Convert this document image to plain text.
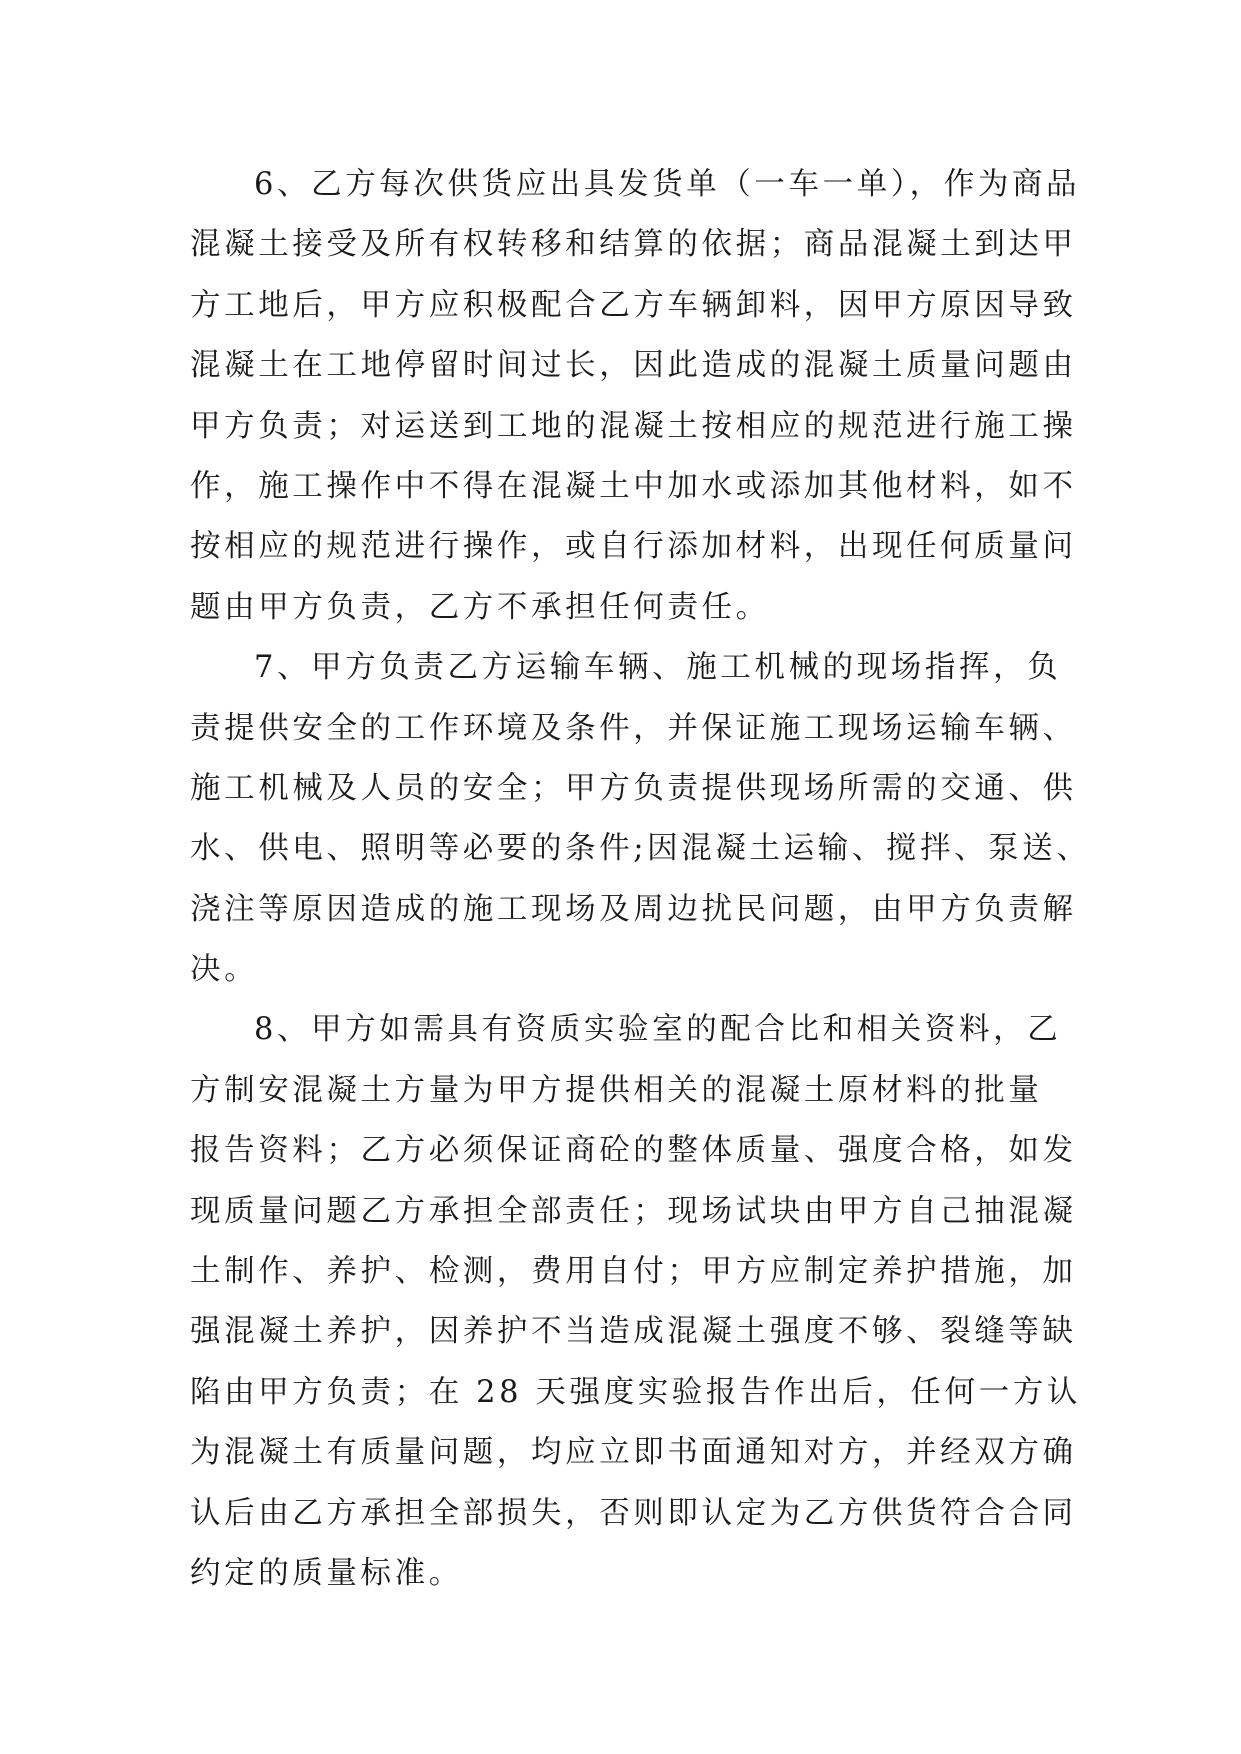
6、乙方每次供货应出具发货单（一车一单），作为商品
混凝土接受及所有权转移和结算的依据；商品混凝土到达甲
方工地后，甲方应积极配合乙方车辆卸料，因甲方原因导致
混凝土在工地停留时间过长，因此造成的混凝土质量问题由
甲方负责；对运送到工地的混凝土按相应的规范进行施工操
作，施工操作中不得在混凝土中加水或添加其他材料，如不
按相应的规范进行操作，或自行添加材料，出现任何质量问
题由甲方负责，乙方不承担任何责任。
7、甲方负责乙方运输车辆、施工机械的现场指挥，负
责提供安全的工作环境及条件，并保证施工现场运输车辆、
施工机械及人员的安全；甲方负责提供现场所需的交通、供
水、供电、照明等必要的条件;因混凝土运输、搅拌、泵送、
浇注等原因造成的施工现场及周边扰民问题，由甲方负责解
决。
8、甲方如需具有资质实验室的配合比和相关资料，乙
方制安混凝土方量为甲方提供相关的混凝土原材料的批量
报告资料；乙方必须保证商砼的整体质量、强度合格，如发
现质量问题乙方承担全部责任；现场试块由甲方自己抽混凝
土制作、养护、检测，费用自付；甲方应制定养护措施，加
强混凝土养护，因养护不当造成混凝土强度不够、裂缝等缺
陷由甲方负责；在 28 天强度实验报告作出后，任何一方认
为混凝土有质量问题，均应立即书面通知对方，并经双方确
认后由乙方承担全部损失，否则即认定为乙方供货符合合同
约定的质量标准。
